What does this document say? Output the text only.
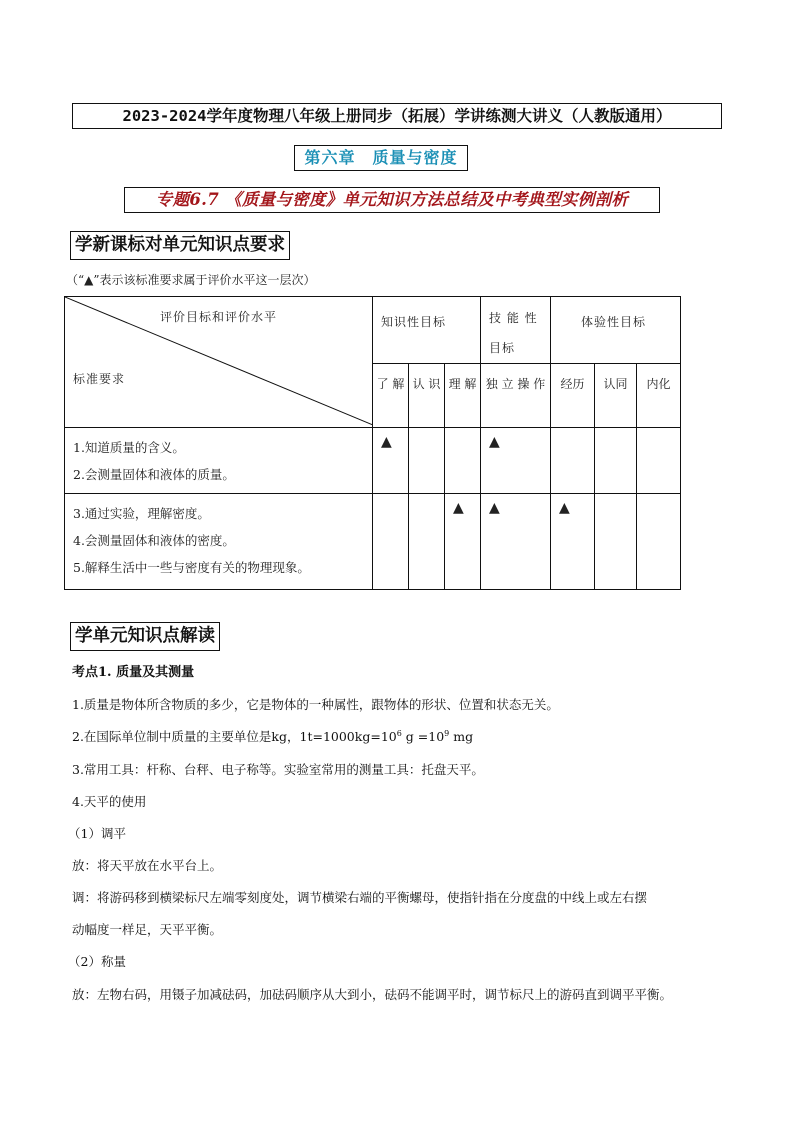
2023-2024学年度物理八年级上册同步（拓展）学讲练测大讲义（人教版通用）
第六章　质量与密度
专题6.7 《质量与密度》单元知识方法总结及中考典型实例剖析
学新课标对单元知识点要求
（“▲”表示该标准要求属于评价水平这一层次）
评价目标和评价水平
标准要求	知识性目标			技 能 性 目标	体验性目标		
	了 解	认 识	理 解	独 立 操 作	经历	认同	内化

1.知道质量的含义。
2.会测量固体和液体的质量。	▲			▲			

3.通过实验，理解密度。
4.会测量固体和液体的密度。
5.解释生活中一些与密度有关的物理现象。			▲	▲	▲		
学单元知识点解读
考点1. 质量及其测量
1.质量是物体所含物质的多少，它是物体的一种属性，跟物体的形状、位置和状态无关。
2.在国际单位制中质量的主要单位是kg，$1t=1000kg=10^6$ $g =10^9$ mg
3.常用工具：杆称、台秤、电子称等。实验室常用的测量工具：托盘天平。
4.天平的使用
（1）调平
放：将天平放在水平台上。
调：将游码移到横梁标尺左端零刻度处，调节横梁右端的平衡螺母，使指针指在分度盘的中线上或左右摆
动幅度一样足，天平平衡。
（2）称量
放：左物右码，用镊子加减砝码，加砝码顺序从大到小，砝码不能调平时，调节标尺上的游码直到调平平衡。
